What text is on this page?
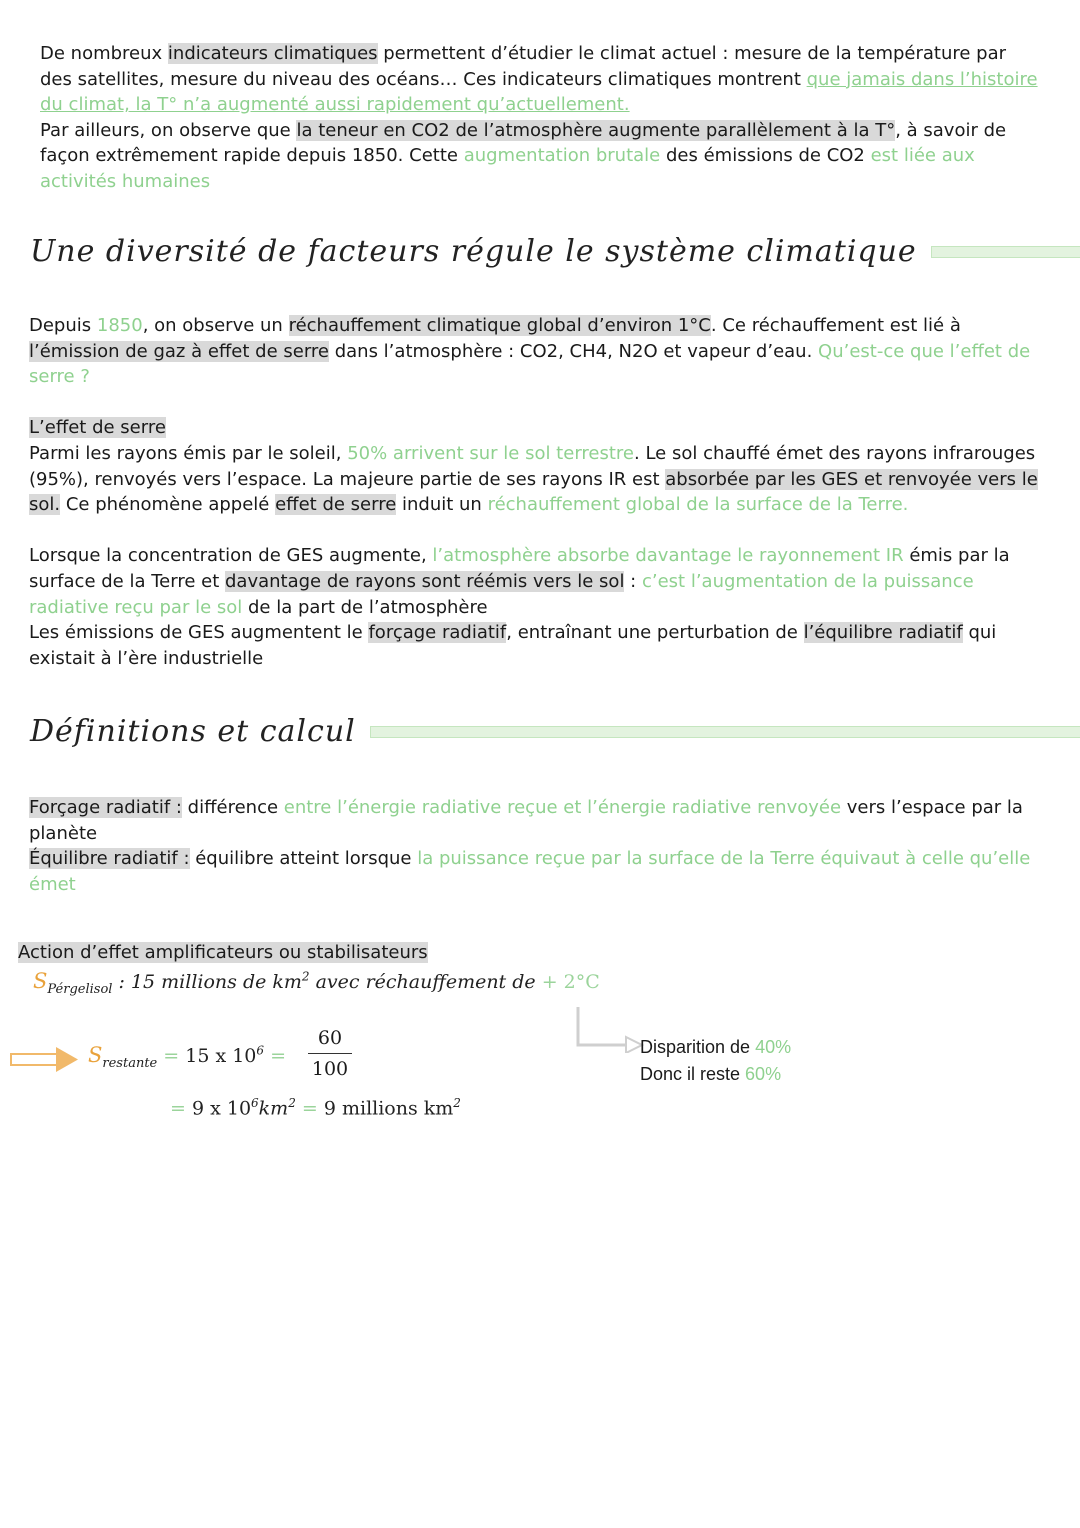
De nombreux indicateurs climatiques permettent d’étudier le climat actuel : mesure de la température par des satellites, mesure du niveau des océans… Ces indicateurs climatiques montrent que jamais dans l’histoire du climat, la T° n’a augmenté aussi rapidement qu’actuellement.

Par ailleurs, on observe que la teneur en CO2 de l’atmosphère augmente parallèlement à la T°, à savoir de façon extrêmement rapide depuis 1850. Cette augmentation brutale des émissions de CO2 est liée aux activités humaines

Une diversité de facteurs régule le système climatique

Depuis 1850, on observe un réchauffement climatique global d’environ 1°C. Ce réchauffement est lié à l’émission de gaz à effet de serre dans l’atmosphère : CO2, CH4, N2O et vapeur d’eau. Qu’est-ce que l’effet de serre ?

L’effet de serre

Parmi les rayons émis par le soleil, 50% arrivent sur le sol terrestre. Le sol chauffé émet des rayons infrarouges (95%), renvoyés vers l’espace. La majeure partie de ses rayons IR est absorbée par les GES et renvoyée vers le sol. Ce phénomène appelé effet de serre induit un réchauffement global de la surface de la Terre.

Lorsque la concentration de GES augmente, l’atmosphère absorbe davantage le rayonnement IR émis par la surface de la Terre et davantage de rayons sont réémis vers le sol : c’est l’augmentation de la puissance radiative reçu par le sol de la part de l’atmosphère

Les émissions de GES augmentent le forçage radiatif, entraînant une perturbation de l’équilibre radiatif qui existait à l’ère industrielle

Définitions et calcul

Forçage radiatif : différence entre l’énergie radiative reçue et l’énergie radiative renvoyée vers l’espace par la planète

Équilibre radiatif : équilibre atteint lorsque la puissance reçue par la surface de la Terre équivaut à celle qu’elle émet

Action d’effet amplificateurs ou stabilisateurs

$S_{Pérgelisol}$ : 15 millions de $km^2$ avec réchauffement de + 2°C
$S_{restante} = 15$ x $10^6$ =
60
100
= 9 x $10^6km^2 = 9$ millions $km^2$
Disparition de 40%
Donc il reste 60%
